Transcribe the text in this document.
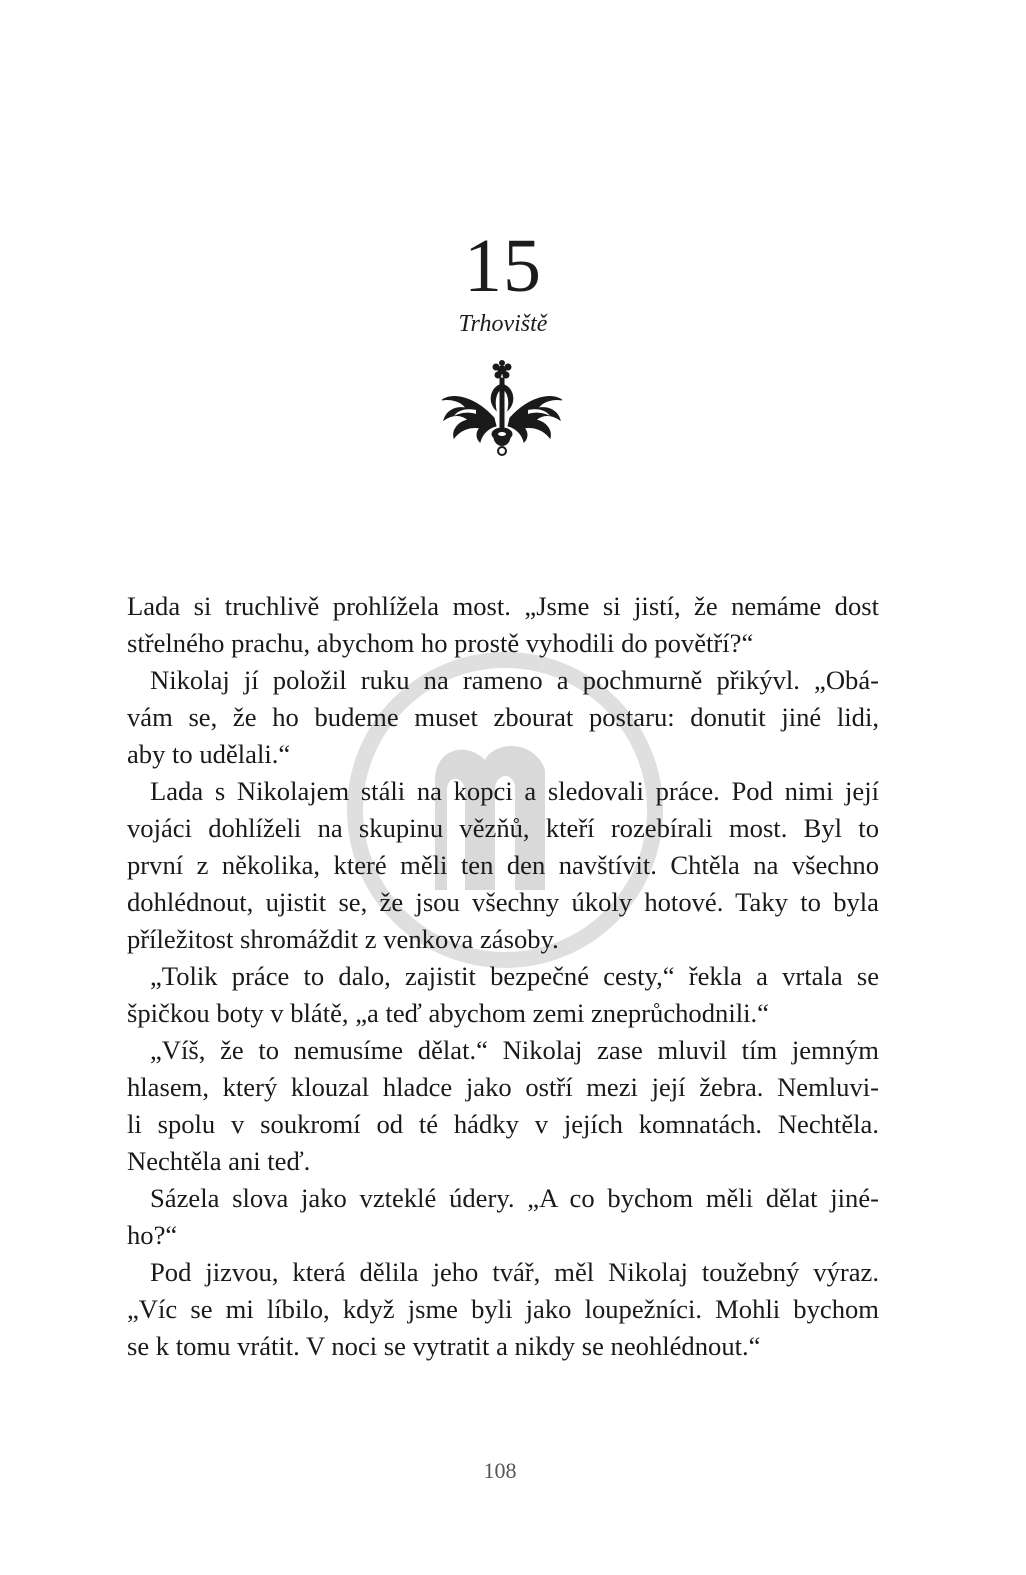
15
Trhoviště
Lada si truchlivě prohlížela most. „Jsme si jistí, že nemáme dost
střelného prachu, abychom ho prostě vyhodili do povětří?“
Nikolaj jí položil ruku na rameno a pochmurně přikývl. „Obá-
vám se, že ho budeme muset zbourat postaru: donutit jiné lidi,
aby to udělali.“
Lada s Nikolajem stáli na kopci a sledovali práce. Pod nimi její
vojáci dohlíželi na skupinu vězňů, kteří rozebírali most. Byl to
první z několika, které měli ten den navštívit. Chtěla na všechno
dohlédnout, ujistit se, že jsou všechny úkoly hotové. Taky to byla
příležitost shromáždit z venkova zásoby.
„Tolik práce to dalo, zajistit bezpečné cesty,“ řekla a vrtala se
špičkou boty v blátě, „a teď abychom zemi zneprůchodnili.“
„Víš, že to nemusíme dělat.“ Nikolaj zase mluvil tím jemným
hlasem, který klouzal hladce jako ostří mezi její žebra. Nemluvi-
li spolu v soukromí od té hádky v jejích komnatách. Nechtěla.
Nechtěla ani teď.
Sázela slova jako vzteklé údery. „A co bychom měli dělat jiné-
ho?“
Pod jizvou, která dělila jeho tvář, měl Nikolaj toužebný výraz.
„Víc se mi líbilo, když jsme byli jako loupežníci. Mohli bychom
se k tomu vrátit. V noci se vytratit a nikdy se neohlédnout.“
108
